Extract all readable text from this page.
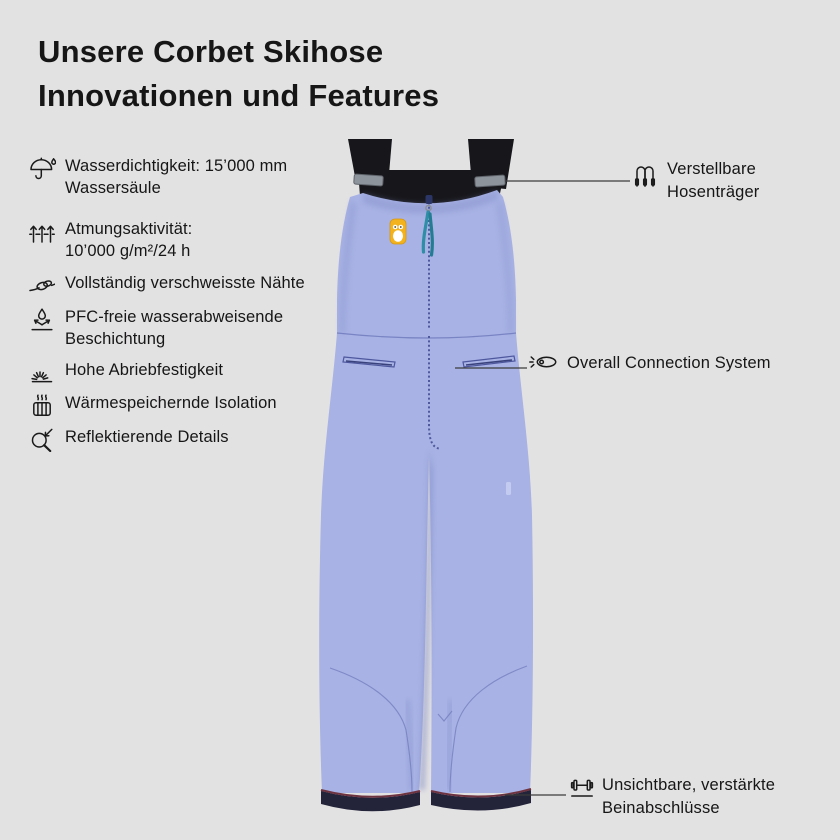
Unsere Corbet Skihose
Innovationen und Features
Wasserdichtigkeit: 15’000 mm
Wassersäule
Atmungsaktivität:
10’000 g/m²/24 h
Vollständig verschweisste Nähte
PFC-freie wasserabweisende
Beschichtung
Hohe Abriebfestigkeit
Wärmespeichernde Isolation
Reflektierende Details
Verstellbare
Hosenträger
Overall Connection System
Unsichtbare, verstärkte
Beinabschlüsse
